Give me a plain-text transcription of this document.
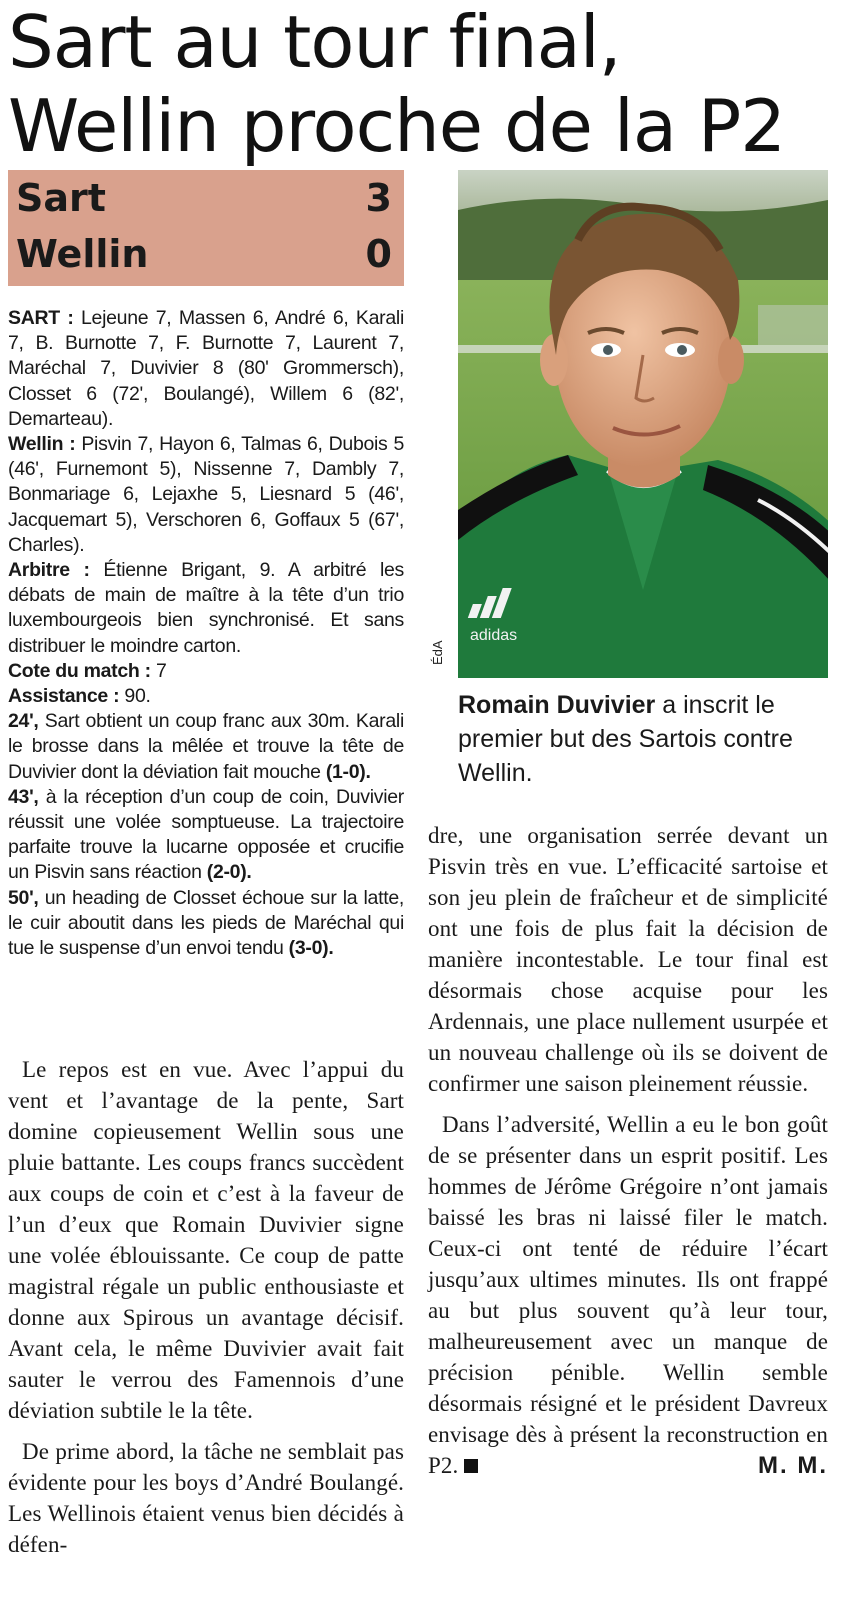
Sart au tour final,
Wellin proche de la P2
Sart	3
Wellin	0

SART : Lejeune 7, Massen 6, André 6, Karali 7, B. Burnotte 7, F. Burnotte 7, Laurent 7, Maréchal 7, Duvivier 8 (80' Grommersch), Closset 6 (72', Boulangé), Willem 6 (82', Demarteau).

Wellin : Pisvin 7, Hayon 6, Talmas 6, Dubois 5 (46', Furnemont 5), Nissenne 7, Dambly 7, Bonmariage 6, Lejaxhe 5, Liesnard 5 (46', Jacquemart 5), Verschoren 6, Goffaux 5 (67', Charles).

Arbitre : Étienne Brigant, 9. A arbitré les débats de main de maître à la tête d’un trio luxembourgeois bien synchronisé. Et sans distribuer le moindre carton.

Cote du match : 7

Assistance : 90.

24', Sart obtient un coup franc aux 30m. Karali le brosse dans la mêlée et trouve la tête de Duvivier dont la déviation fait mouche (1-0).

43', à la réception d’un coup de coin, Duvivier réussit une volée somptueuse. La trajectoire parfaite trouve la lucarne opposée et crucifie un Pisvin sans réaction (2-0).

50', un heading de Closset échoue sur la latte, le cuir aboutit dans les pieds de Maréchal qui tue le suspense d’un envoi tendu (3-0).

Le repos est en vue. Avec l’appui du vent et l’avantage de la pente, Sart domine copieusement Wellin sous une pluie battante. Les coups francs succèdent aux coups de coin et c’est à la faveur de l’un d’eux que Romain Duvivier signe une volée éblouissante. Ce coup de patte magistral régale un public enthousiaste et donne aux Spirous un avantage décisif. Avant cela, le même Duvivier avait fait sauter le verrou des Famennois d’une déviation subtile le la tête.

De prime abord, la tâche ne semblait pas évidente pour les boys d’André Boulangé. Les Wellinois étaient venus bien décidés à défen-

adidas
ÉdA
Romain Duvivier a inscrit le premier but des Sartois contre Wellin.

dre, une organisation serrée devant un Pisvin très en vue. L’efficacité sartoise et son jeu plein de fraîcheur et de simplicité ont une fois de plus fait la décision de manière incontestable. Le tour final est désormais chose acquise pour les Ardennais, une place nullement usurpée et un nouveau challenge où ils se doivent de confirmer une saison pleinement réussie.

Dans l’adversité, Wellin a eu le bon goût de se présenter dans un esprit positif. Les hommes de Jérôme Grégoire n’ont jamais baissé les bras ni laissé filer le match. Ceux-ci ont tenté de réduire l’écart jusqu’aux ultimes minutes. Ils ont frappé au but plus souvent qu’à leur tour, malheureusement avec un manque de précision pénible. Wellin semble désormais résigné et le président Davreux envisage dès à présent la reconstruction en P2.	M. M.
